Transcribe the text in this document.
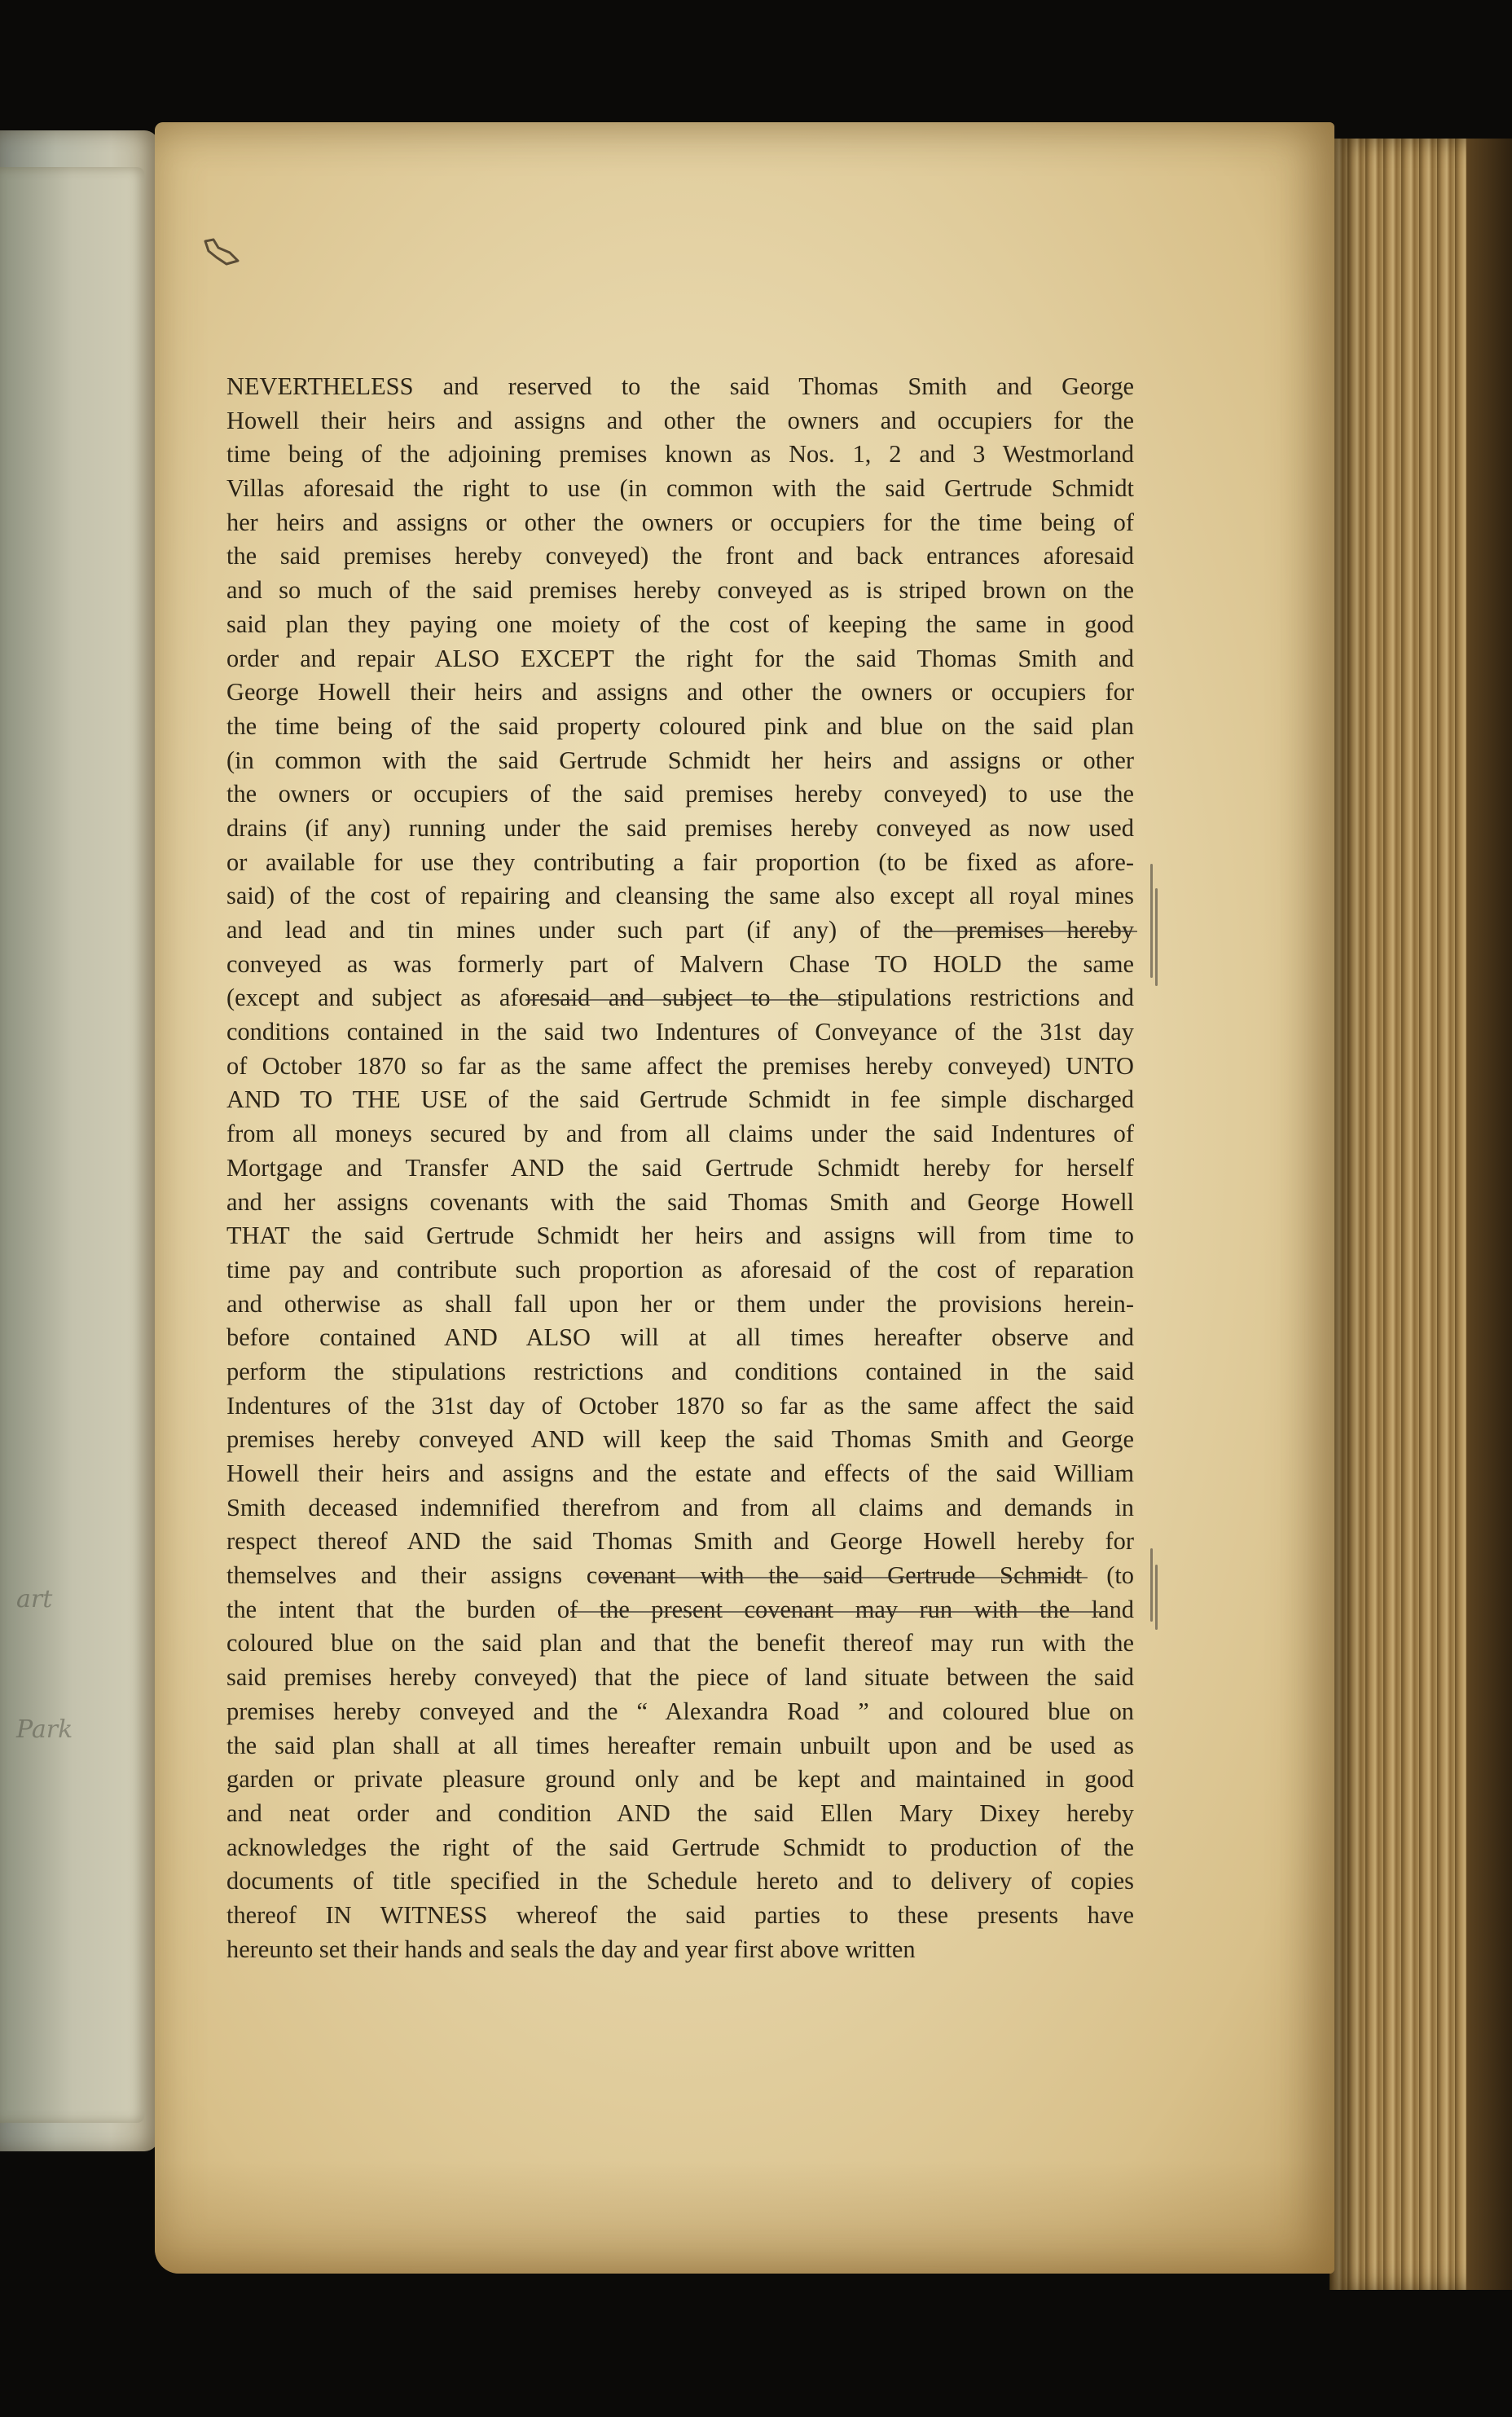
art
Park
NEVERTHELESS and reserved to the said Thomas Smith and George
Howell their heirs and assigns and other the owners and occupiers for the
time being of the adjoining premises known as Nos. 1, 2 and 3 Westmorland
Villas aforesaid the right to use (in common with the said Gertrude Schmidt
her heirs and assigns or other the owners or occupiers for the time being of
the said premises hereby conveyed) the front and back entrances aforesaid
and so much of the said premises hereby conveyed as is striped brown on the
said plan they paying one moiety of the cost of keeping the same in good
order and repair ALSO EXCEPT the right for the said Thomas Smith and
George Howell their heirs and assigns and other the owners or occupiers for
the time being of the said property coloured pink and blue on the said plan
(in common with the said Gertrude Schmidt her heirs and assigns or other
the owners or occupiers of the said premises hereby conveyed) to use the
drains (if any) running under the said premises hereby conveyed as now used
or available for use they contributing a fair proportion (to be fixed as afore-
said) of the cost of repairing and cleansing the same also except all royal mines
and lead and tin mines under such part (if any) of the premises hereby
conveyed as was formerly part of Malvern Chase TO HOLD the same
(except and subject as aforesaid and subject to the stipulations restrictions and
conditions contained in the said two Indentures of Conveyance of the 31st day
of October 1870 so far as the same affect the premises hereby conveyed) UNTO
AND TO THE USE of the said Gertrude Schmidt in fee simple discharged
from all moneys secured by and from all claims under the said Indentures of
Mortgage and Transfer AND the said Gertrude Schmidt hereby for herself
and her assigns covenants with the said Thomas Smith and George Howell
THAT the said Gertrude Schmidt her heirs and assigns will from time to
time pay and contribute such proportion as aforesaid of the cost of reparation
and otherwise as shall fall upon her or them under the provisions herein-
before contained AND ALSO will at all times hereafter observe and
perform the stipulations restrictions and conditions contained in the said
Indentures of the 31st day of October 1870 so far as the same affect the said
premises hereby conveyed AND will keep the said Thomas Smith and George
Howell their heirs and assigns and the estate and effects of the said William
Smith deceased indemnified therefrom and from all claims and demands in
respect thereof AND the said Thomas Smith and George Howell hereby for
themselves and their assigns covenant with the said Gertrude Schmidt (to
the intent that the burden of the present covenant may run with the land
coloured blue on the said plan and that the benefit thereof may run with the
said premises hereby conveyed) that the piece of land situate between the said
premises hereby conveyed and the “ Alexandra Road ” and coloured blue on
the said plan shall at all times hereafter remain unbuilt upon and be used as
garden or private pleasure ground only and be kept and maintained in good
and neat order and condition AND the said Ellen Mary Dixey hereby
acknowledges the right of the said Gertrude Schmidt to production of the
documents of title specified in the Schedule hereto and to delivery of copies
thereof IN WITNESS whereof the said parties to these presents have
hereunto set their hands and seals the day and year first above written
